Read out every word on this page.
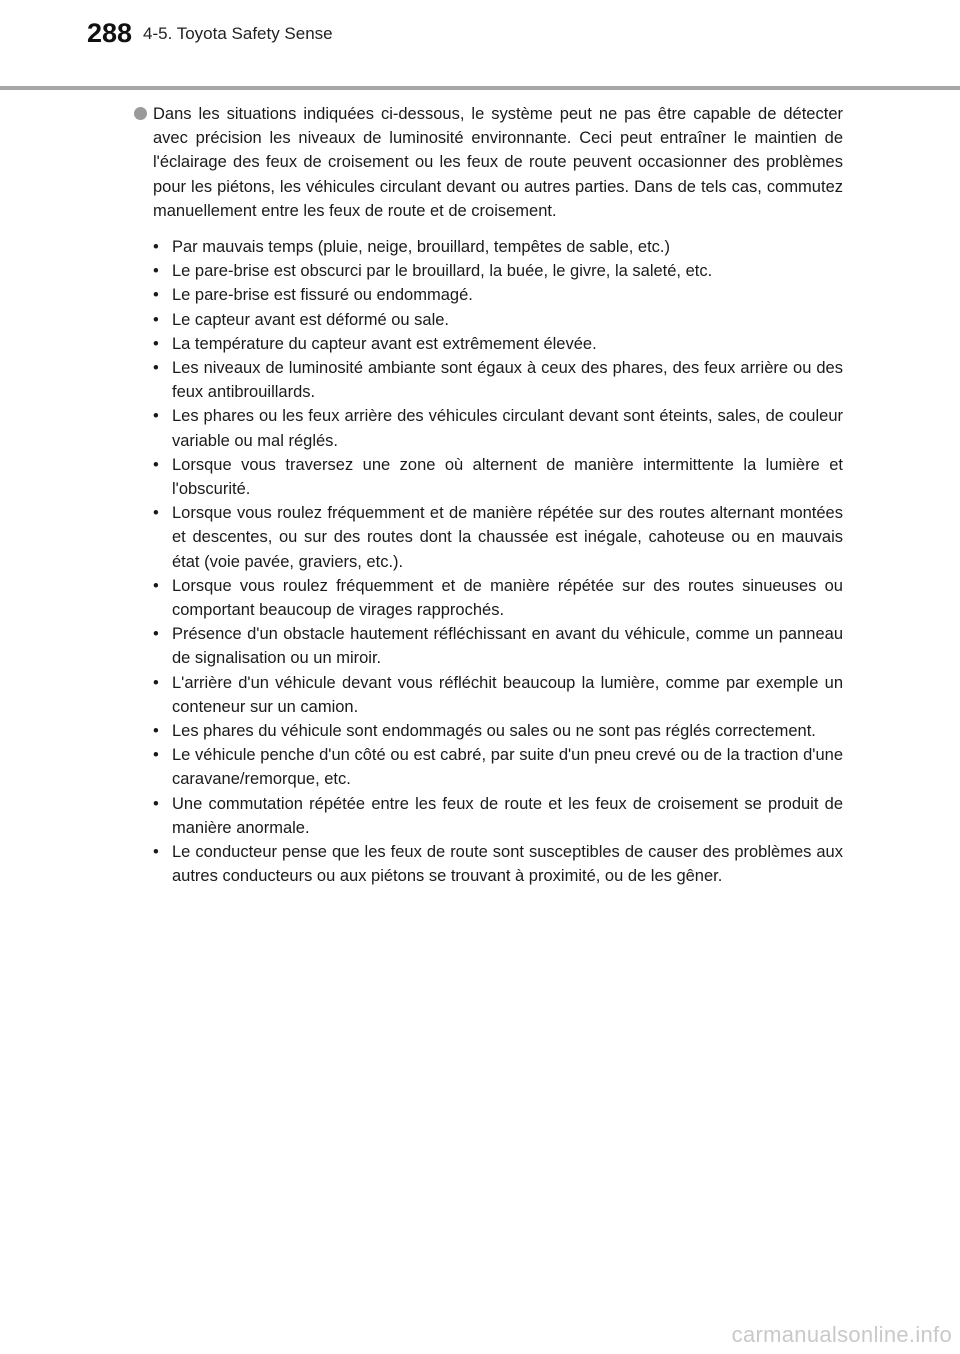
288 4-5. Toyota Safety Sense
Dans les situations indiquées ci-dessous, le système peut ne pas être capable de détecter avec précision les niveaux de luminosité environnante. Ceci peut entraîner le maintien de l'éclairage des feux de croisement ou les feux de route peuvent occasionner des problèmes pour les piétons, les véhicules circulant devant ou autres parties. Dans de tels cas, commutez manuellement entre les feux de route et de croisement.
• Par mauvais temps (pluie, neige, brouillard, tempêtes de sable, etc.)
• Le pare-brise est obscurci par le brouillard, la buée, le givre, la saleté, etc.
• Le pare-brise est fissuré ou endommagé.
• Le capteur avant est déformé ou sale.
• La température du capteur avant est extrêmement élevée.
• Les niveaux de luminosité ambiante sont égaux à ceux des phares, des feux arrière ou des feux antibrouillards.
• Les phares ou les feux arrière des véhicules circulant devant sont éteints, sales, de couleur variable ou mal réglés.
• Lorsque vous traversez une zone où alternent de manière intermittente la lumière et l'obscurité.
• Lorsque vous roulez fréquemment et de manière répétée sur des routes alternant montées et descentes, ou sur des routes dont la chaussée est inégale, cahoteuse ou en mauvais état (voie pavée, graviers, etc.).
• Lorsque vous roulez fréquemment et de manière répétée sur des routes sinueuses ou comportant beaucoup de virages rapprochés.
• Présence d'un obstacle hautement réfléchissant en avant du véhicule, comme un panneau de signalisation ou un miroir.
• L'arrière d'un véhicule devant vous réfléchit beaucoup la lumière, comme par exemple un conteneur sur un camion.
• Les phares du véhicule sont endommagés ou sales ou ne sont pas réglés correctement.
• Le véhicule penche d'un côté ou est cabré, par suite d'un pneu crevé ou de la traction d'une caravane/remorque, etc.
• Une commutation répétée entre les feux de route et les feux de croisement se produit de manière anormale.
• Le conducteur pense que les feux de route sont susceptibles de causer des problèmes aux autres conducteurs ou aux piétons se trouvant à proximité, ou de les gêner.
carmanualsonline.info
